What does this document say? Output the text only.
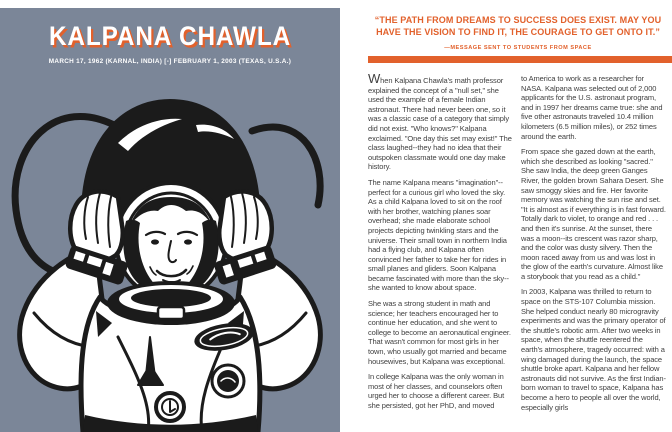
KALPANA CHAWLA
MARCH 17, 1962 (KARNAL, INDIA) [-] FEBRUARY 1, 2003 (TEXAS, U.S.A.)
“THE PATH FROM DREAMS TO SUCCESS DOES EXIST. MAY YOU HAVE THE VISION TO FIND IT, THE COURAGE TO GET ONTO IT.”
—MESSAGE SENT TO STUDENTS FROM SPACE

When Kalpana Chawla's math professor explained the concept of a "null set," she used the example of a female Indian astronaut. There had never been one, so it was a classic case of a category that simply did not exist. "Who knows?" Kalpana exclaimed. "One day this set may exist!" The class laughed--they had no idea that their outspoken classmate would one day make history.

The name Kalpana means "imagination"--perfect for a curious girl who loved the sky. As a child Kalpana loved to sit on the roof with her brother, watching planes soar overhead; she made elaborate school projects depicting twinkling stars and the universe. Their small town in northern India had a flying club, and Kalpana often convinced her father to take her for rides in small planes and gliders. Soon Kalpana became fascinated with more than the sky--she wanted to know about space.

She was a strong student in math and science; her teachers encouraged her to continue her education, and she went to college to become an aeronautical engineer. That wasn't common for most girls in her town, who usually got married and became housewives, but Kalpana was exceptional.

In college Kalpana was the only woman in most of her classes, and counselors often urged her to choose a different career. But she persisted, got her PhD, and moved

to America to work as a researcher for NASA. Kalpana was selected out of 2,000 applicants for the U.S. astronaut program, and in 1997 her dreams came true: she and five other astronauts traveled 10.4 million kilometers (6.5 million miles), or 252 times around the earth.

From space she gazed down at the earth, which she described as looking "sacred." She saw India, the deep green Ganges River, the golden brown Sahara Desert. She saw smoggy skies and fire. Her favorite memory was watching the sun rise and set. "It is almost as if everything is in fast forward. Totally dark to violet, to orange and red . . . and then it's sunrise. At the sunset, there was a moon--its crescent was razor sharp, and the color was dusty silvery. Then the moon raced away from us and was lost in the glow of the earth's curvature. Almost like a storybook that you read as a child."

In 2003, Kalpana was thrilled to return to space on the STS-107 Columbia mission. She helped conduct nearly 80 microgravity experiments and was the primary operator of the shuttle's robotic arm. After two weeks in space, when the shuttle reentered the earth's atmosphere, tragedy occurred: with a wing damaged during the launch, the space shuttle broke apart. Kalpana and her fellow astronauts did not survive. As the first Indian-born woman to travel to space, Kalpana has become a hero to people all over the world, especially girls
